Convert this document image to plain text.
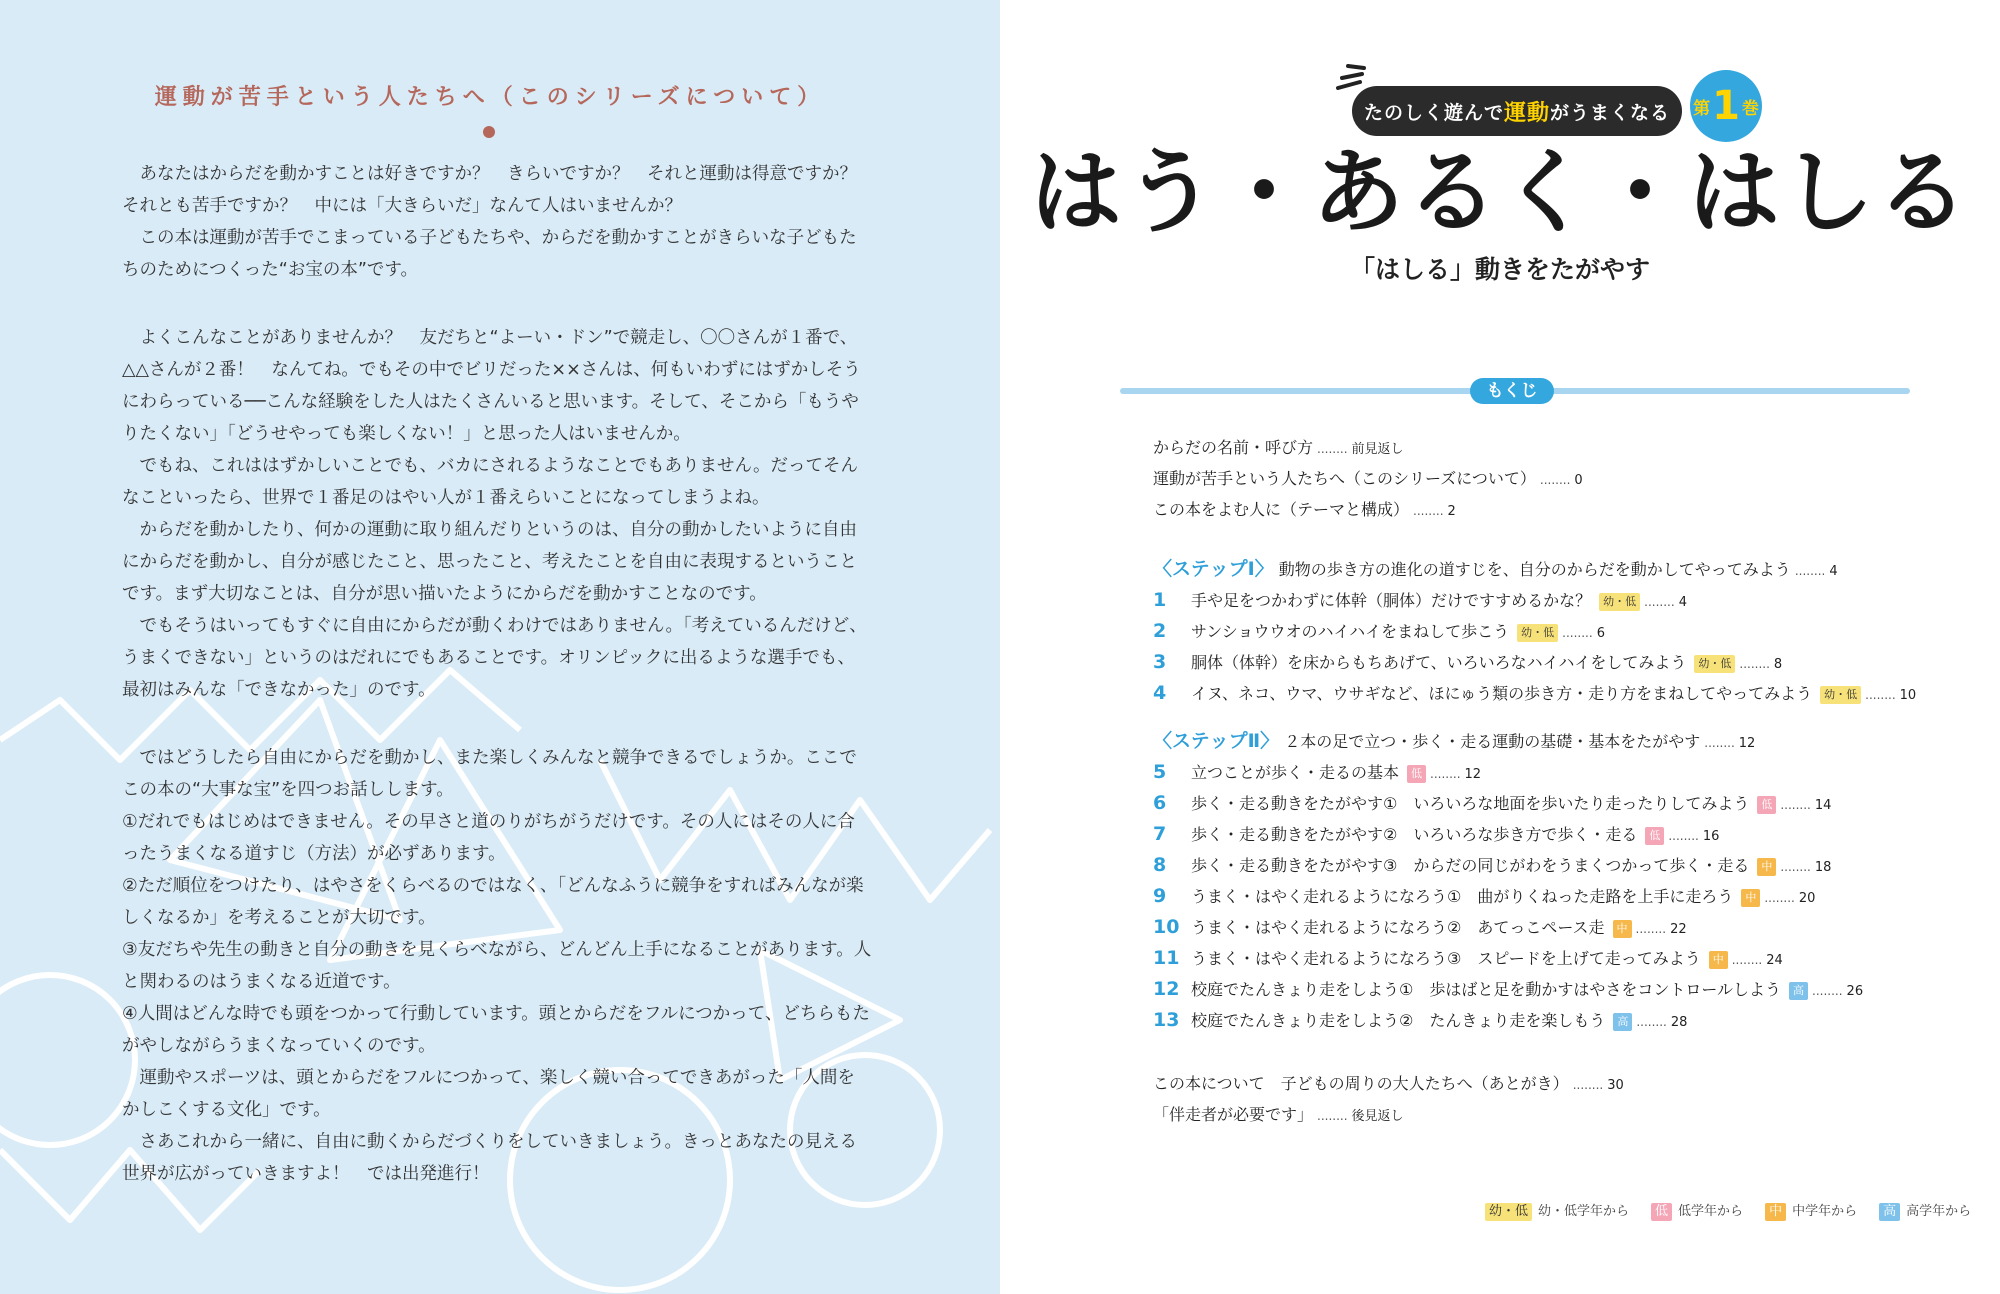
運動が苦手という人たちへ（このシリーズについて）

あなたはからだを動かすことは好きですか？　きらいですか？　それと運動は得意ですか？　それとも苦手ですか？　中には「大きらいだ」なんて人はいませんか？

この本は運動が苦手でこまっている子どもたちや、からだを動かすことがきらいな子どもたちのためにつくった“お宝の本”です。

よくこんなことがありませんか？　友だちと“よーい・ドン”で競走し、〇〇さんが１番で、△△さんが２番！　なんてね。でもその中でビリだった××さんは、何もいわずにはずかしそうにわらっている──こんな経験をした人はたくさんいると思います。そして、そこから「もうやりたくない」「どうせやっても楽しくない！」と思った人はいませんか。

でもね、これははずかしいことでも、バカにされるようなことでもありません。だってそんなこといったら、世界で１番足のはやい人が１番えらいことになってしまうよね。

からだを動かしたり、何かの運動に取り組んだりというのは、自分の動かしたいように自由にからだを動かし、自分が感じたこと、思ったこと、考えたことを自由に表現するということです。まず大切なことは、自分が思い描いたようにからだを動かすことなのです。

でもそうはいってもすぐに自由にからだが動くわけではありません。「考えているんだけど、うまくできない」というのはだれにでもあることです。オリンピックに出るような選手でも、最初はみんな「できなかった」のです。

ではどうしたら自由にからだを動かし、また楽しくみんなと競争できるでしょうか。ここでこの本の“大事な宝”を四つお話しします。

①だれでもはじめはできません。その早さと道のりがちがうだけです。その人にはその人に合ったうまくなる道すじ（方法）が必ずあります。

②ただ順位をつけたり、はやさをくらべるのではなく、「どんなふうに競争をすればみんなが楽しくなるか」を考えることが大切です。

③友だちや先生の動きと自分の動きを見くらべながら、どんどん上手になることがあります。人と関わるのはうまくなる近道です。

④人間はどんな時でも頭をつかって行動しています。頭とからだをフルにつかって、どちらもたがやしながらうまくなっていくのです。

運動やスポーツは、頭とからだをフルにつかって、楽しく競い合ってできあがった「人間をかしこくする文化」です。

さあこれから一緒に、自由に動くからだづくりをしていきましょう。きっとあなたの見える世界が広がっていきますよ！　では出発進行！

たのしく遊んで 運動 がうまくなる 第 1 巻
はう・あるく・はしる
「はしる」動きをたがやす
もくじ
からだの名前・呼び方 ........ 前見返し
運動が苦手という人たちへ（このシリーズについて） ........ 0
この本をよむ人に（テーマと構成） ........ 2
〈ステップⅠ〉 動物の歩き方の進化の道すじを、自分のからだを動かしてやってみよう ........ 4
1 手や足をつかわずに体幹（胴体）だけですすめるかな？ 幼・低 ........ 4
2 サンショウウオのハイハイをまねして歩こう 幼・低 ........ 6
3 胴体（体幹）を床からもちあげて、いろいろなハイハイをしてみよう 幼・低 ........ 8
4 イヌ、ネコ、ウマ、ウサギなど、ほにゅう類の歩き方・走り方をまねしてやってみよう 幼・低 ........ 10
〈ステップⅡ〉 ２本の足で立つ・歩く・走る運動の基礎・基本をたがやす ........ 12
5 立つことが歩く・走るの基本 低 ........ 12
6 歩く・走る動きをたがやす①　いろいろな地面を歩いたり走ったりしてみよう 低 ........ 14
7 歩く・走る動きをたがやす②　いろいろな歩き方で歩く・走る 低 ........ 16
8 歩く・走る動きをたがやす③　からだの同じがわをうまくつかって歩く・走る 中 ........ 18
9 うまく・はやく走れるようになろう①　曲がりくねった走路を上手に走ろう 中 ........ 20
10 うまく・はやく走れるようになろう②　あてっこペース走 中 ........ 22
11 うまく・はやく走れるようになろう③　スピードを上げて走ってみよう 中 ........ 24
12 校庭でたんきょり走をしよう①　歩はばと足を動かすはやさをコントロールしよう 高 ........ 26
13 校庭でたんきょり走をしよう②　たんきょり走を楽しもう 高 ........ 28
この本について　子どもの周りの大人たちへ（あとがき） ........ 30
「伴走者が必要です」 ........ 後見返し
幼・低 幼・低学年から	低 低学年から	中 中学年から	高 高学年から
